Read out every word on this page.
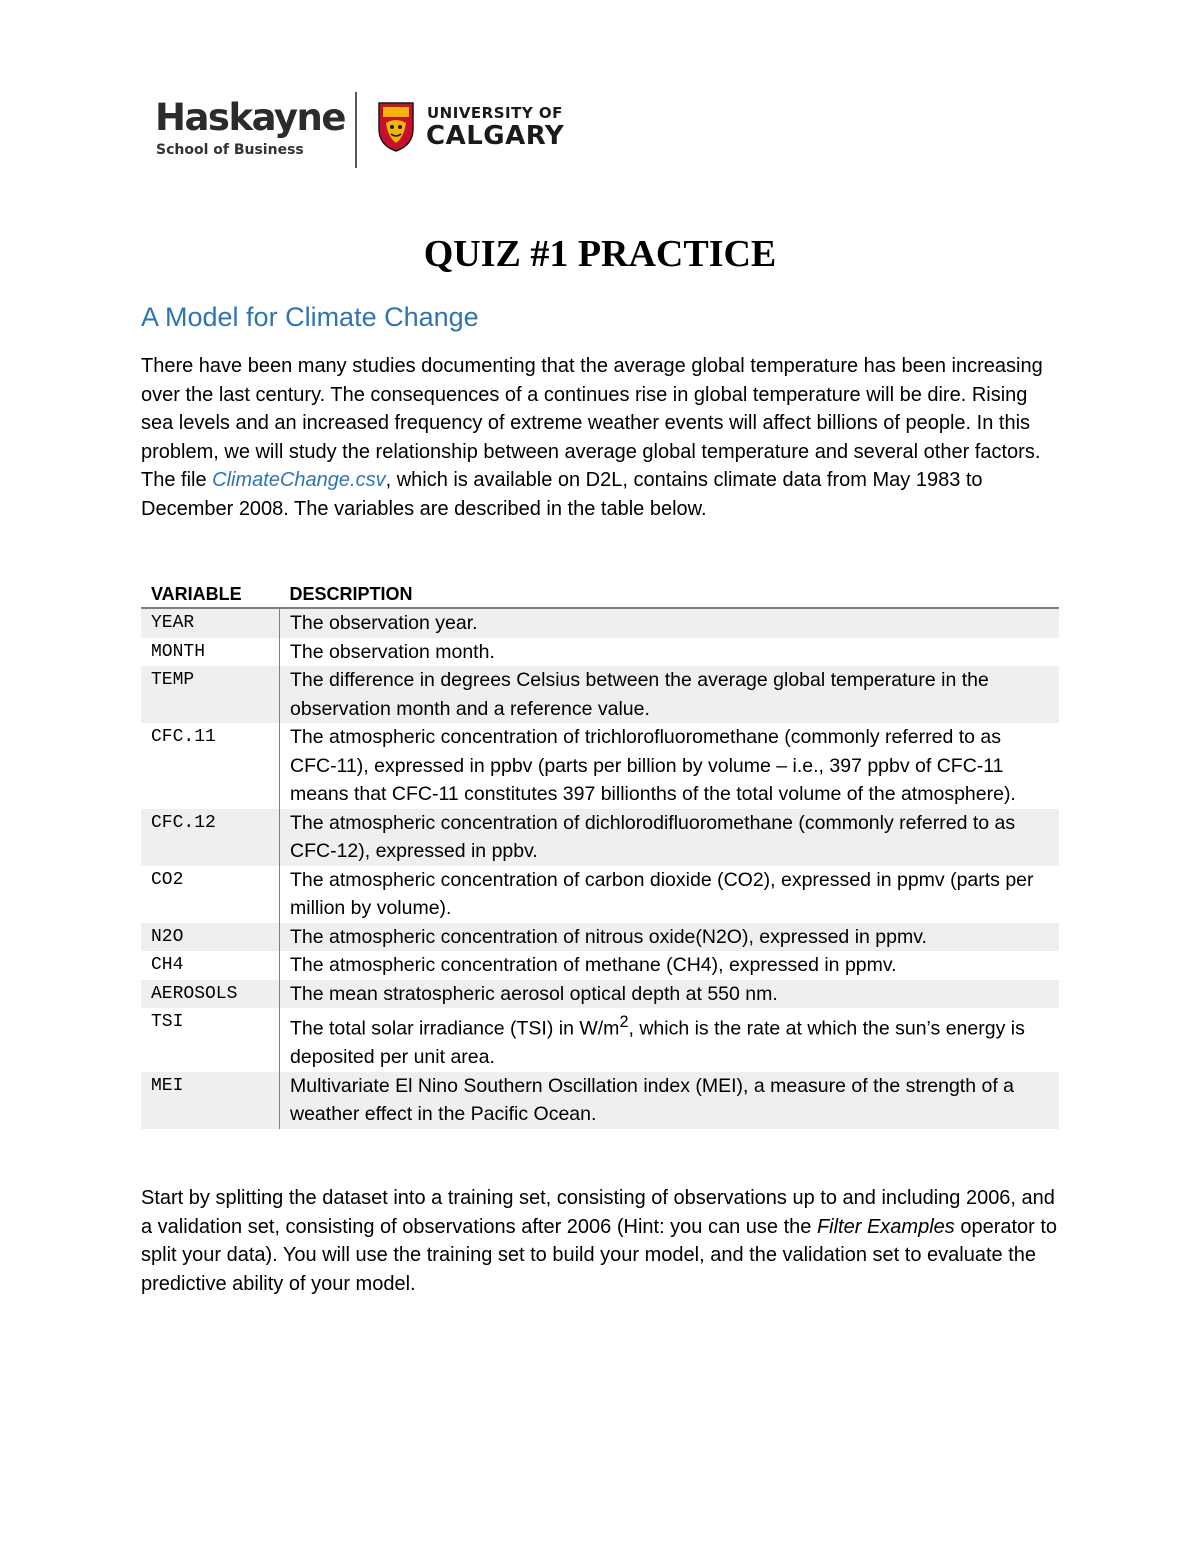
Haskayne
School of Business
UNIVERSITY OF
CALGARY
QUIZ #1 PRACTICE
A Model for Climate Change
There have been many studies documenting that the average global temperature has been increasing over the last century. The consequences of a continues rise in global temperature will be dire. Rising sea levels and an increased frequency of extreme weather events will affect billions of people. In this problem, we will study the relationship between average global temperature and several other factors. The file ClimateChange.csv, which is available on D2L, contains climate data from May 1983 to December 2008. The variables are described in the table below.
VARIABLE	DESCRIPTION
YEAR	The observation year.
MONTH	The observation month.
TEMP	The difference in degrees Celsius between the average global temperature in the observation month and a reference value.
CFC.11	The atmospheric concentration of trichlorofluoromethane (commonly referred to as CFC-11), expressed in ppbv (parts per billion by volume – i.e., 397 ppbv of CFC-11 means that CFC-11 constitutes 397 billionths of the total volume of the atmosphere).
CFC.12	The atmospheric concentration of dichlorodifluoromethane (commonly referred to as CFC-12), expressed in ppbv.
CO2	The atmospheric concentration of carbon dioxide (CO2), expressed in ppmv (parts per million by volume).
N2O	The atmospheric concentration of nitrous oxide(N2O), expressed in ppmv.
CH4	The atmospheric concentration of methane (CH4), expressed in ppmv.
AEROSOLS	The mean stratospheric aerosol optical depth at 550 nm.
TSI	The total solar irradiance (TSI) in $W/m^2$, which is the rate at which the sun’s energy is deposited per unit area.
MEI	Multivariate El Nino Southern Oscillation index (MEI), a measure of the strength of a weather effect in the Pacific Ocean.
Start by splitting the dataset into a training set, consisting of observations up to and including 2006, and a validation set, consisting of observations after 2006 (Hint: you can use the Filter Examples operator to split your data). You will use the training set to build your model, and the validation set to evaluate the predictive ability of your model.
